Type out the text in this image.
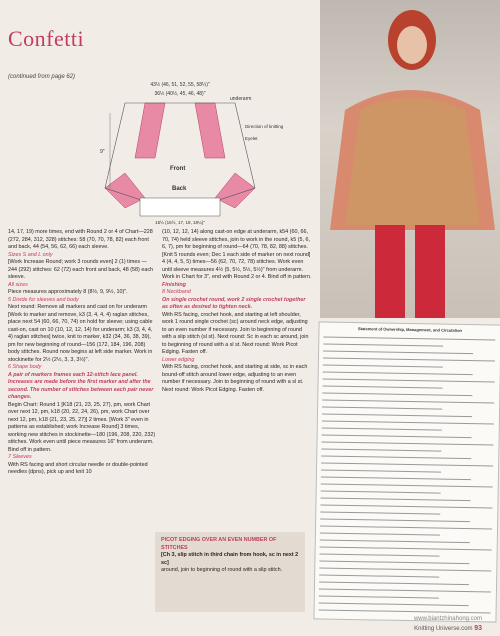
Confetti
(continued from page 62)
43½ (46, 51, 52, 55, 58¼)"
36½ (40½, 45, 46, 48)"
underarm
9"
Direction of knitting
Eyelet
Front
Back
15½ (16½, 17, 18, 18¼)"

14, 17, 19) more times, end with Round 2 or 4 of Chart—228 (272, 284, 312, 328) stitches: 58 (70, 70, 78, 82) each front and back, 44 (54, 56, 62, 66) each sleeve.

Sizes S and L only

[Work Increase Round; work 3 rounds even] 2 (1) times — 244 (292) stitches: 62 (72) each front and back, 48 (58) each sleeve.

All sizes

Piece measures approximately 8 (8½, 9, 9½, 10)".

5 Divide for sleeves and body

Next round: Remove all markers and cast on for underarm [Work to marker and remove, k3 (3, 4, 4, 4) raglan stitches, place next 54 (60, 66, 70, 74) on hold for sleeve; using cable cast-on, cast on 10 (10, 12, 12, 14) for underarm; k3 (3, 4, 4, 4) raglan stitches] twice, knit to marker, k32 (34, 36, 38, 39), pm for new beginning of round—156 (172, 184, 196, 208) body stitches. Round now begins at left side marker. Work in stockinette for 2½ (2½, 3, 3, 3½)".

6 Shape body

A pair of markers frames each 12-stitch lace panel. Increases are made before the first marker and after the second. The number of stitches between each pair never changes.

Begin Chart: Round 1 [K18 (21, 23, 25, 27), pm, work Chart over next 12, pm, k18 (20, 22, 24, 26), pm, work Chart over next 12, pm, k18 (21, 23, 25, 27)] 2 times. [Work 3" even in patterns as established; work Increase Round] 3 times, working new stitches in stockinette—180 (196, 208, 220, 232) stitches. Work even until piece measures 16" from underarm. Bind off in pattern.

7 Sleeves

With RS facing and short circular needle or double-pointed needles (dpns), pick up and knit 10

(10, 12, 12, 14) along cast-on edge at underarm, k54 (60, 66, 70, 74) held sleeve stitches, join to work in the round, k5 (5, 6, 6, 7), pm for beginning of round—64 (70, 78, 82, 88) stitches. [Knit 5 rounds even; Dec 1 each side of marker on next round] 4 (4, 4, 5, 5) times—56 (62, 70, 72, 78) stitches. Work even until sleeve measures 4½ (5, 5½, 5½, 5½)" from underarm. Work in Chart for 3", end with Round 2 or 4. Bind off in pattern.

Finishing

8 Neckband

On single crochet round, work 2 single crochet together as often as desired to tighten neck.

With RS facing, crochet hook, and starting at left shoulder, work 1 round single crochet (sc) around neck edge, adjusting to an even number if necessary. Join to beginning of round with a slip stitch (sl st). Next round: Sc in each sc around, join to beginning of round with a sl st. Next round: Work Picot Edging. Fasten off.

Lower edging

With RS facing, crochet hook, and starting at side, sc in each bound-off stitch around lower edge, adjusting to an even number if necessary. Join to beginning of round with a sl st. Next round: Work Picot Edging. Fasten off.

Statement of Ownership, Management, and Circulation
PICOT EDGING OVER AN EVEN NUMBER OF STITCHES
[Ch 3, slip stitch in third chain from hook, sc in next 2 sc]
around, join to beginning of round with a slip stitch.
www.biantzhinahong.com
Knitting Universe.com 93
